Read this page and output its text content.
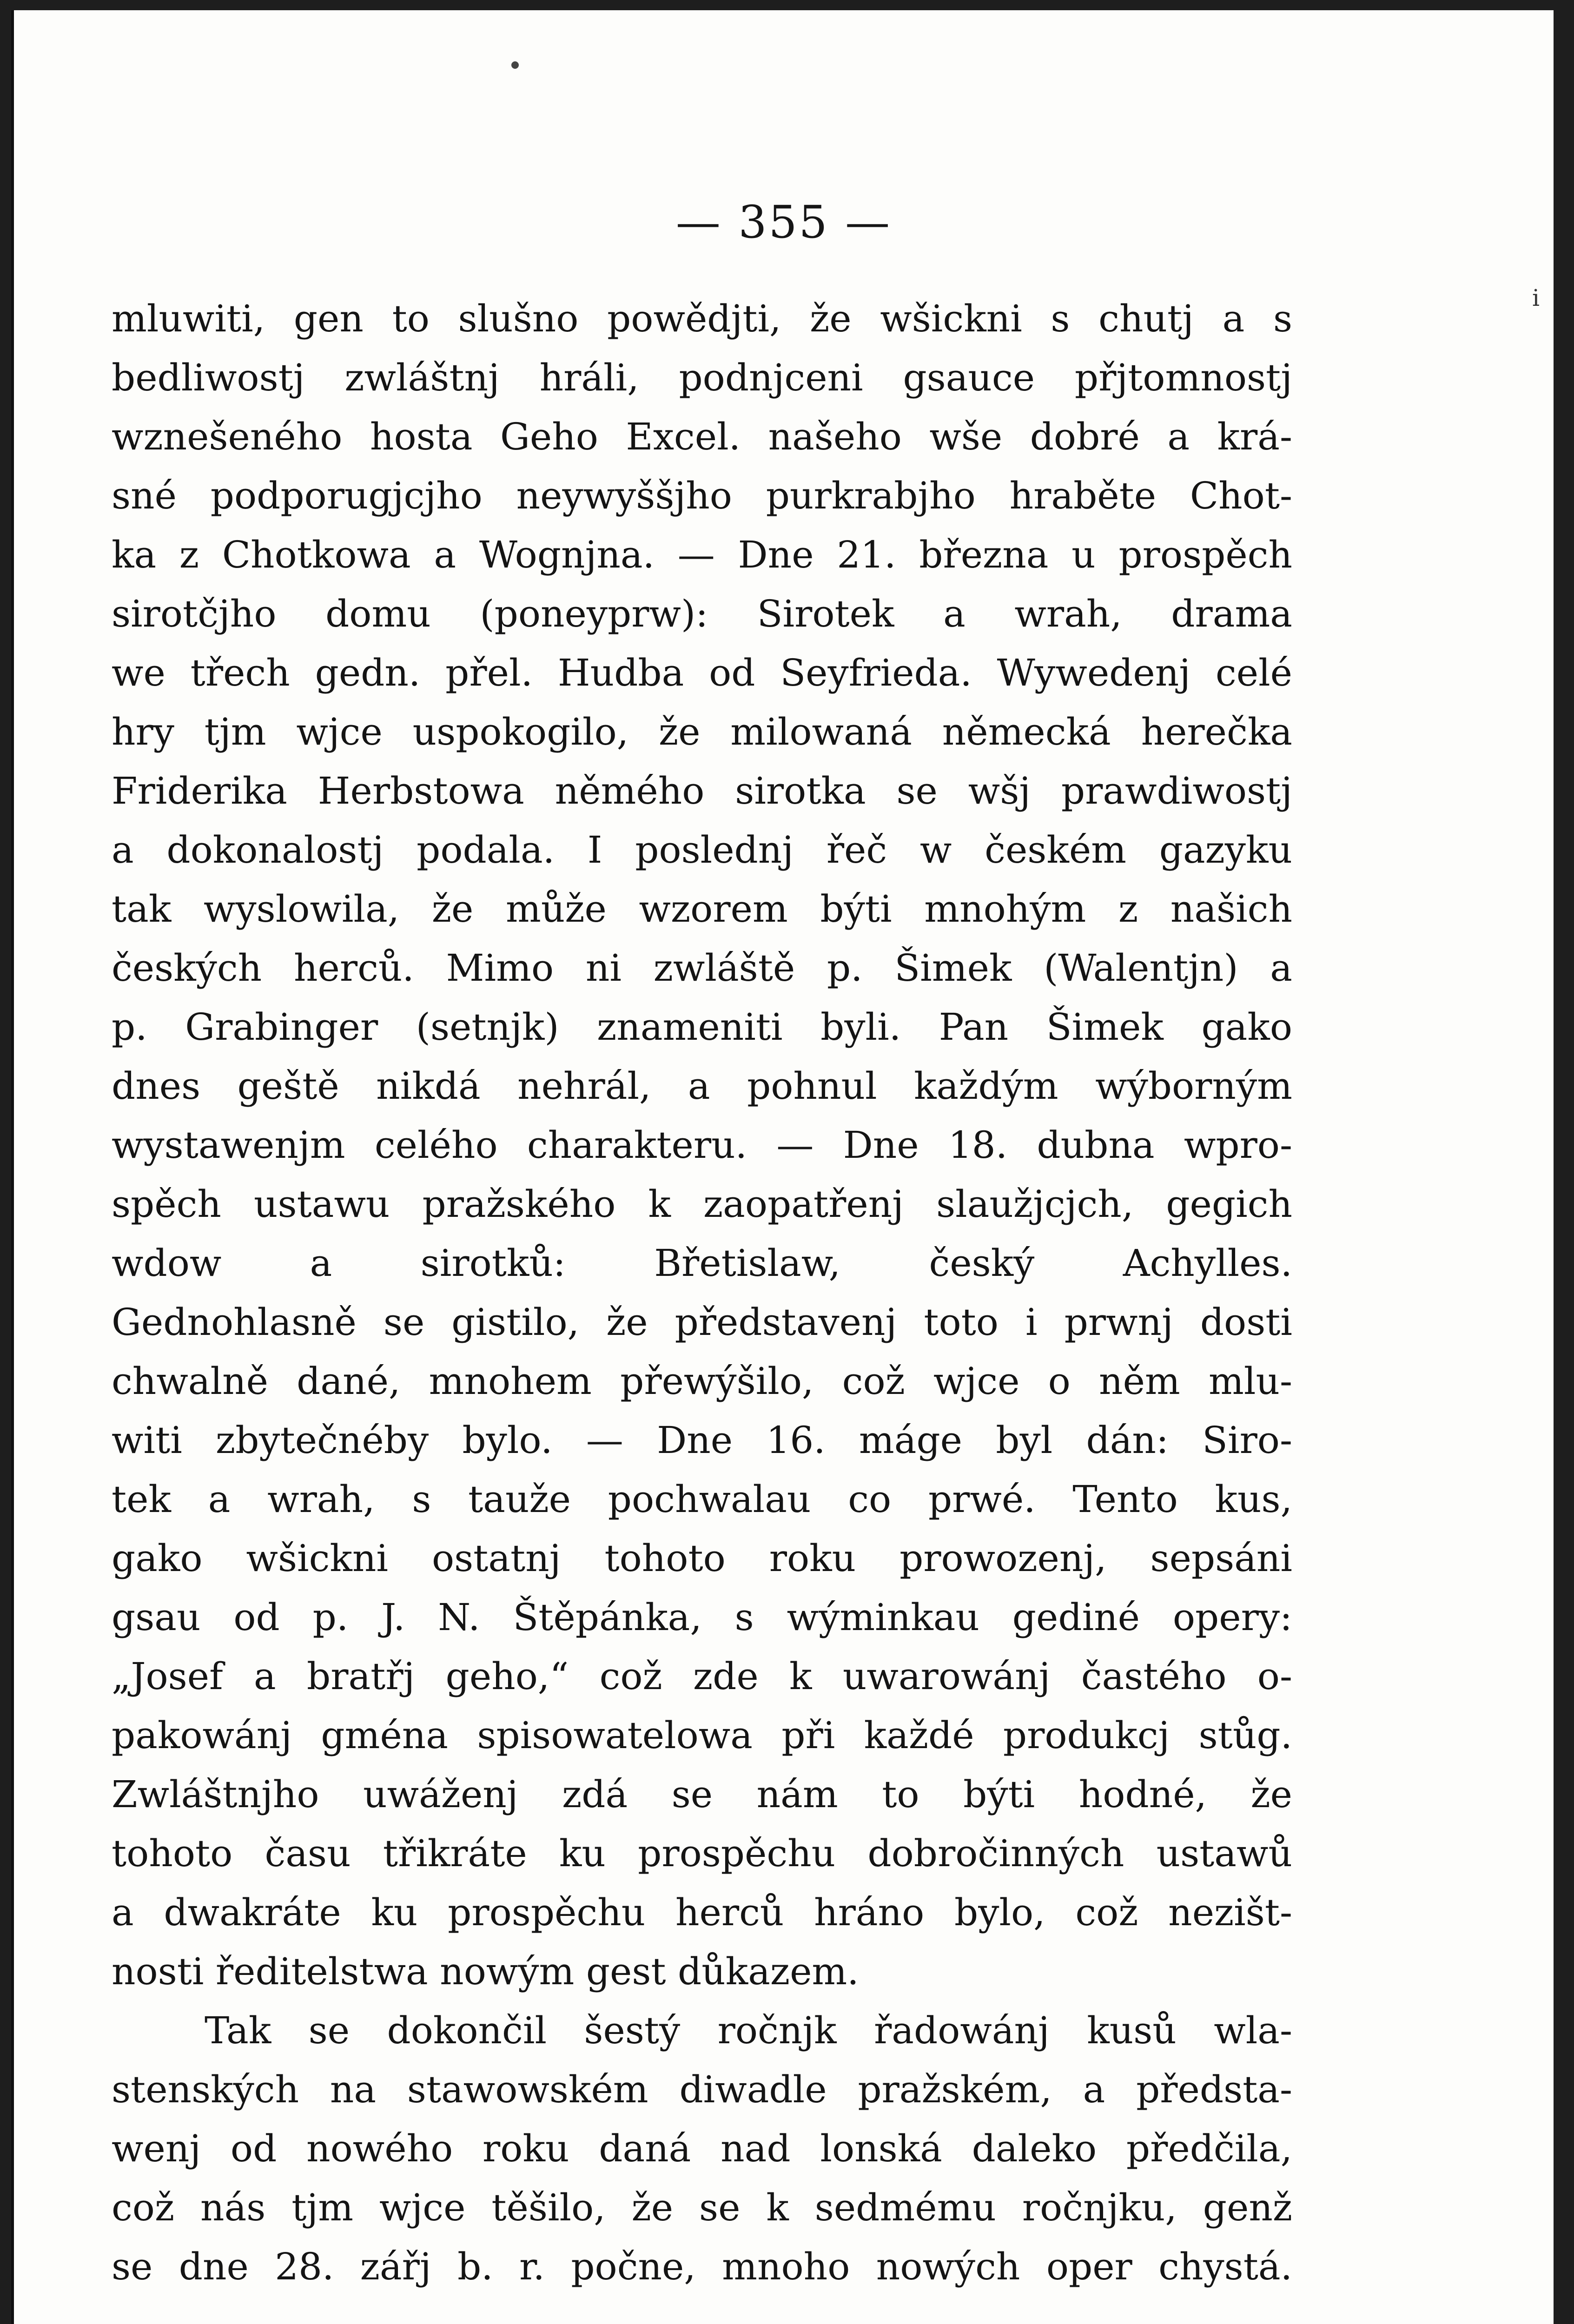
i
— 355 —
mluwiti, gen to slušno powědjti, že wšickni s chutj a s
bedliwostj zwláštnj hráli, podnjceni gsauce přjtomnostj
wznešeného hosta Geho Excel. našeho wše dobré a krá-
sné podporugjcjho neywyššjho purkrabjho hraběte Chot-
ka z Chotkowa a Wognjna. — Dne 21. března u prospěch
sirotčjho domu (poneyprw): Sirotek a wrah, drama
we třech gedn. přel. Hudba od Seyfrieda. Wywedenj celé
hry tjm wjce uspokogilo, že milowaná německá herečka
Friderika Herbstowa němého sirotka se wšj prawdiwostj
a dokonalostj podala. I poslednj řeč w českém gazyku
tak wyslowila, že může wzorem býti mnohým z našich
českých herců. Mimo ni zwláště p. Šimek (Walentjn) a
p. Grabinger (setnjk) znameniti byli. Pan Šimek gako
dnes geště nikdá nehrál, a pohnul každým wýborným
wystawenjm celého charakteru. — Dne 18. dubna wpro-
spěch ustawu pražského k zaopatřenj slaužjcjch, gegich
wdow a sirotků: Břetislaw, český Achylles.
Gednohlasně se gistilo, že představenj toto i prwnj dosti
chwalně dané, mnohem přewýšilo, což wjce o něm mlu-
witi zbytečnéby bylo. — Dne 16. máge byl dán: Siro-
tek a wrah, s tauže pochwalau co prwé. Tento kus,
gako wšickni ostatnj tohoto roku prowozenj, sepsáni
gsau od p. J. N. Štěpánka, s wýminkau gediné opery:
„Josef a bratřj geho,“ což zde k uwarowánj častého o-
pakowánj gména spisowatelowa při každé produkcj stůg.
Zwláštnjho uwáženj zdá se nám to býti hodné, že
tohoto času třikráte ku prospěchu dobročinných ustawů
a dwakráte ku prospěchu herců hráno bylo, což nezišt-
nosti ředitelstwa nowým gest důkazem.
Tak se dokončil šestý ročnjk řadowánj kusů wla-
stenských na stawowském diwadle pražském, a předsta-
wenj od nowého roku daná nad lonská daleko předčila,
což nás tjm wjce těšilo, že se k sedmému ročnjku, genž
se dne 28. zářj b. r. počne, mnoho nowých oper chystá.
